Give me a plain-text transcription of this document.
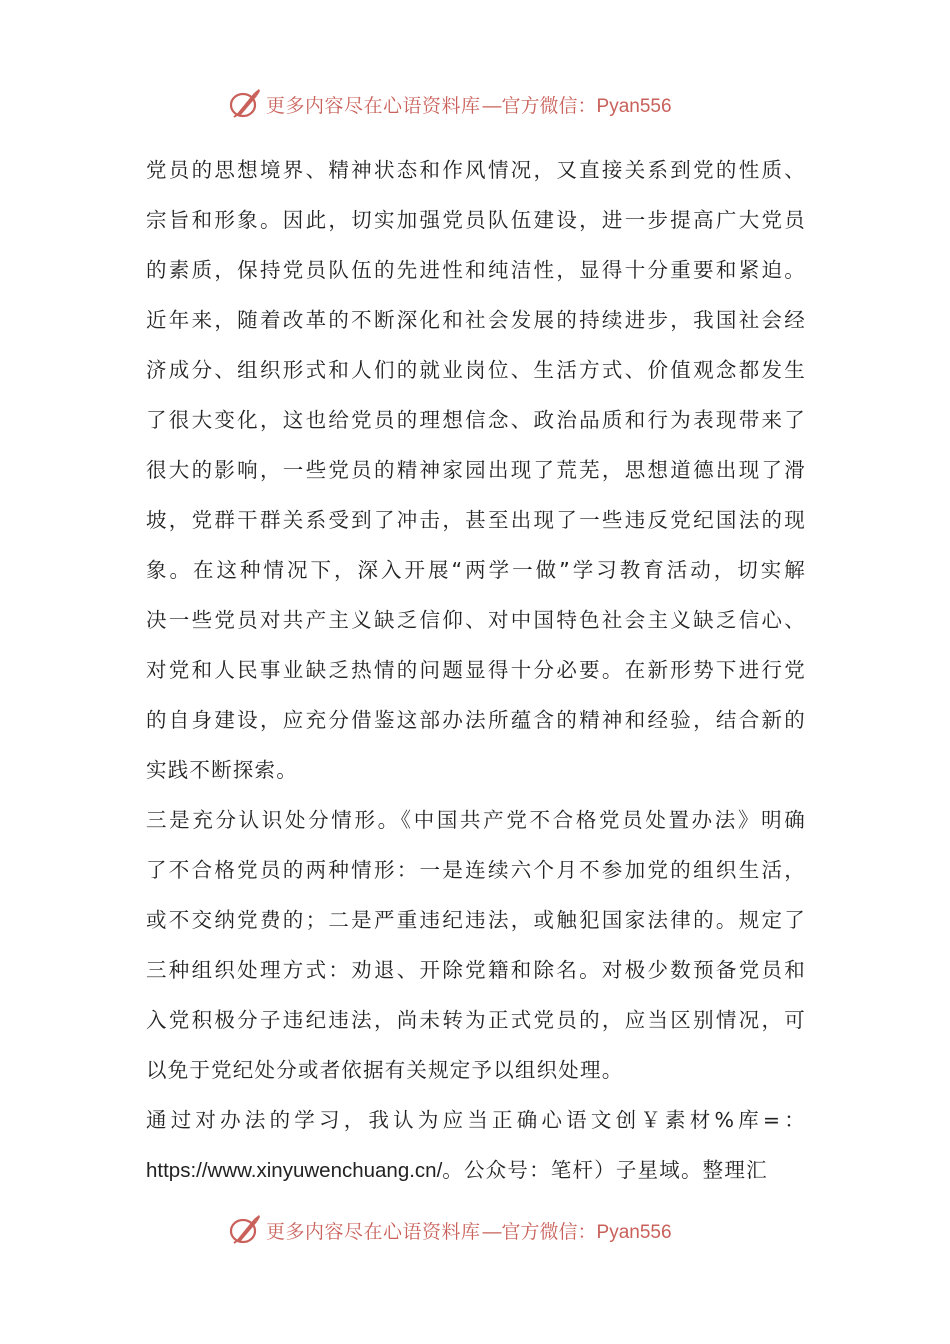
更多内容尽在心语资料库 —官方微信：Pyan556
党员的思想境界、精神状态和作风情况，又直接关系到党的性质、
宗旨和形象。因此，切实加强党员队伍建设，进一步提高广大党员
的素质，保持党员队伍的先进性和纯洁性，显得十分重要和紧迫。
近年来，随着改革的不断深化和社会发展的持续进步，我国社会经
济成分、组织形式和人们的就业岗位、生活方式、价值观念都发生
了很大变化，这也给党员的理想信念、政治品质和行为表现带来了
很大的影响，一些党员的精神家园出现了荒芜，思想道德出现了滑
坡，党群干群关系受到了冲击，甚至出现了一些违反党纪国法的现
象。在这种情况下，深入开展“两学一做”学习教育活动，切实解
决一些党员对共产主义缺乏信仰、对中国特色社会主义缺乏信心、
对党和人民事业缺乏热情的问题显得十分必要。在新形势下进行党
的自身建设，应充分借鉴这部办法所蕴含的精神和经验，结合新的
实践不断探索。
三是充分认识处分情形。《中国共产党不合格党员处置办法》明确
了不合格党员的两种情形：一是连续六个月不参加党的组织生活，
或不交纳党费的；二是严重违纪违法，或触犯国家法律的。规定了
三种组织处理方式：劝退、开除党籍和除名。对极少数预备党员和
入党积极分子违纪违法，尚未转为正式党员的，应当区别情况，可
以免于党纪处分或者依据有关规定予以组织处理。
通过对办法的学习，我认为应当正确心语文创￥素材%库=：
https://www.xinyuwenchuang.cn/。公众号：笔杆）子星域。整理汇
更多内容尽在心语资料库 —官方微信：Pyan556
